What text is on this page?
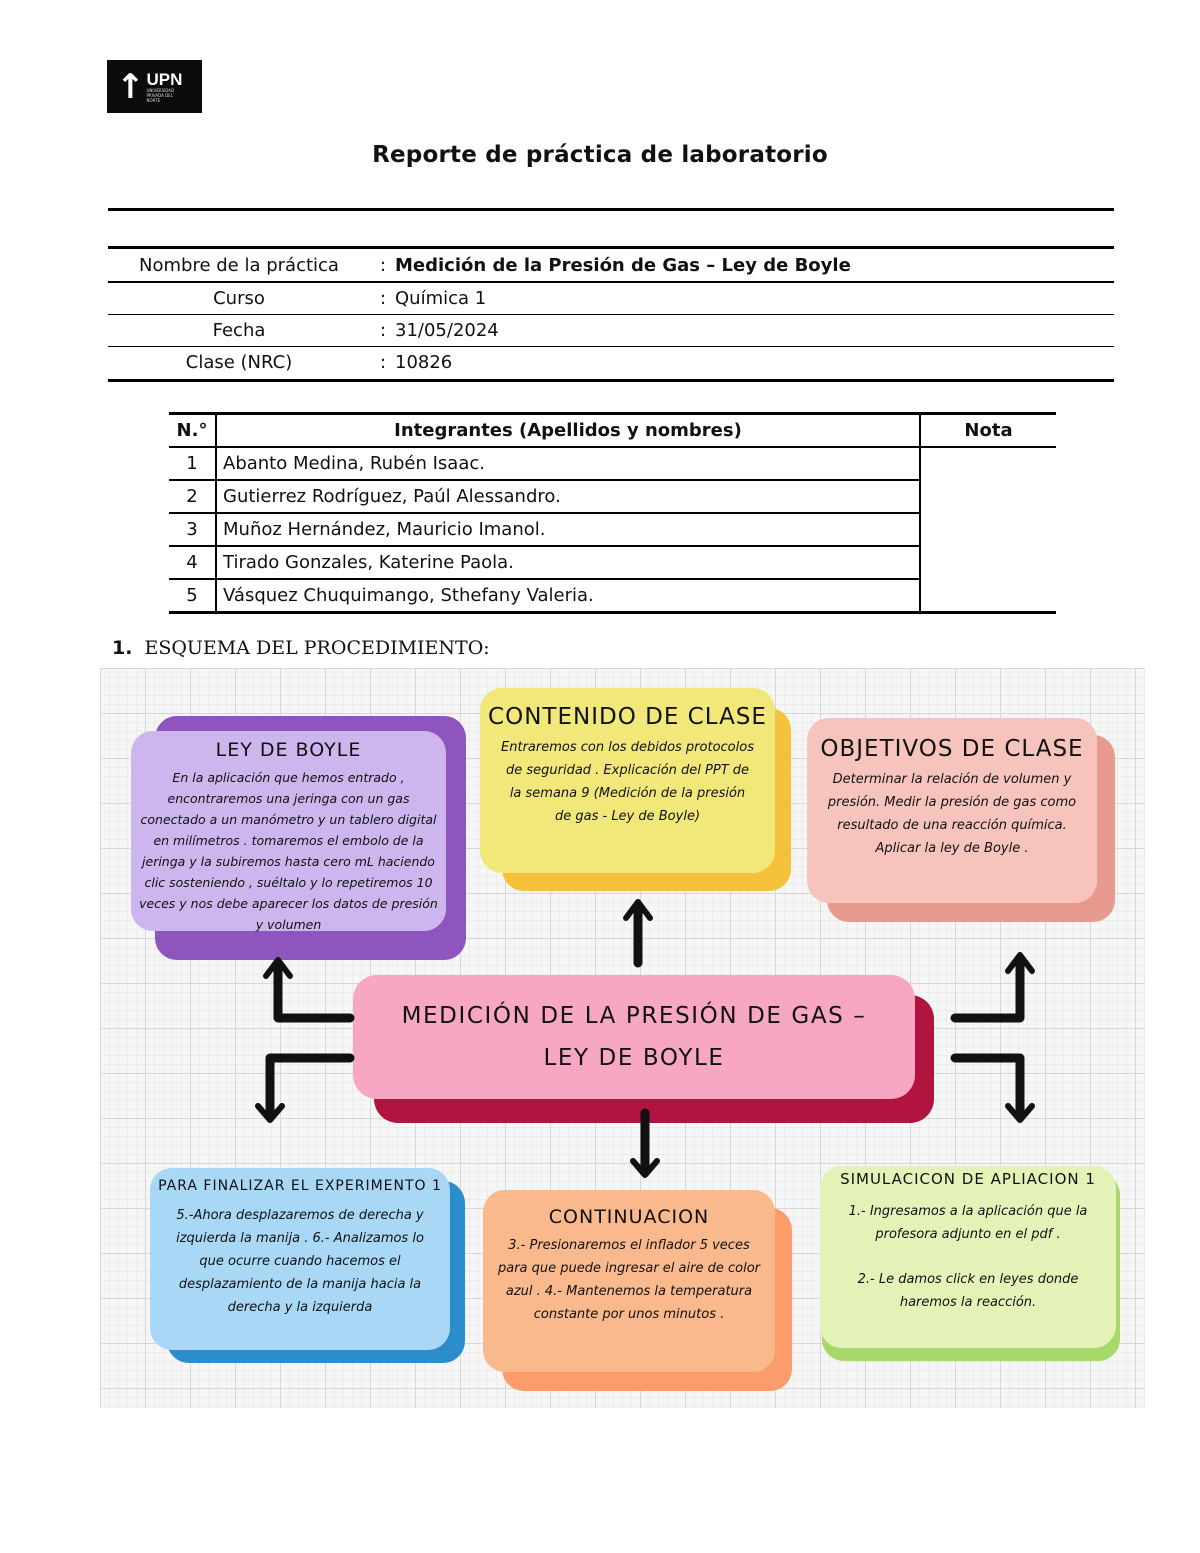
↑ UPN
UNIVERSIDAD PRIVADA DEL NORTE
Reporte de práctica de laboratorio
Nombre de la práctica	: Medición de la Presión de Gas – Ley de Boyle
Curso	: Química 1
Fecha	: 31/05/2024
Clase (NRC)	: 10826
N.°	Integrantes (Apellidos y nombres)	Nota
1	Abanto Medina, Rubén Isaac.	
2	Gutierrez Rodríguez, Paúl Alessandro.	
3	Muñoz Hernández, Mauricio Imanol.	
4	Tirado Gonzales, Katerine Paola.	
5	Vásquez Chuquimango, Sthefany Valeria.	
1. ESQUEMA DEL PROCEDIMIENTO:
LEY DE BOYLE
En la aplicación que hemos entrado , encontraremos una jeringa con un gas conectado a un manómetro y un tablero digital en milímetros . tomaremos el embolo de la jeringa y la subiremos hasta cero mL haciendo clic sosteniendo , suéltalo y lo repetiremos 10 veces y nos debe aparecer los datos de presión y volumen
CONTENIDO DE CLASE
Entraremos con los debidos protocolos de seguridad . Explicación del PPT de la semana 9 (Medición de la presión de gas - Ley de Boyle)
OBJETIVOS DE CLASE
Determinar la relación de volumen y presión. Medir la presión de gas como resultado de una reacción química. Aplicar la ley de Boyle .
MEDICIÓN DE LA PRESIÓN DE GAS –
LEY DE BOYLE
PARA FINALIZAR EL EXPERIMENTO 1
5.-Ahora desplazaremos de derecha y izquierda la manija . 6.- Analizamos lo que ocurre cuando hacemos el desplazamiento de la manija hacia la derecha y la izquierda
CONTINUACION
3.- Presionaremos el inflador 5 veces para que puede ingresar el aire de color azul . 4.- Mantenemos la temperatura constante por unos minutos .
SIMULACICON DE APLIACION 1
1.- Ingresamos a la aplicación que la profesora adjunto en el pdf .
2.- Le damos click en leyes donde haremos la reacción.
